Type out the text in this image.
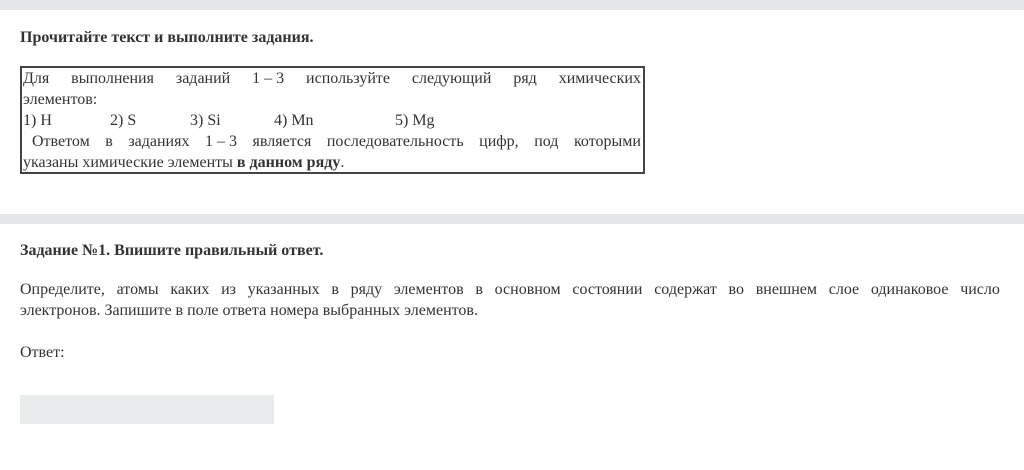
Прочитайте текст и выполните задания.
Для выполнения заданий 1 – 3 используйте следующий ряд химических
элементов:
1) H	2) S	3) Si	4) Mn	5) Mg
Ответом в заданиях 1 – 3 является последовательность цифр, под которыми
указаны химические элементы в данном ряду.
Задание №1. Впишите правильный ответ.
Определите, атомы каких из указанных в ряду элементов в основном состоянии содержат во внешнем слое одинаковое число
электронов. Запишите в поле ответа номера выбранных элементов.
Ответ:
